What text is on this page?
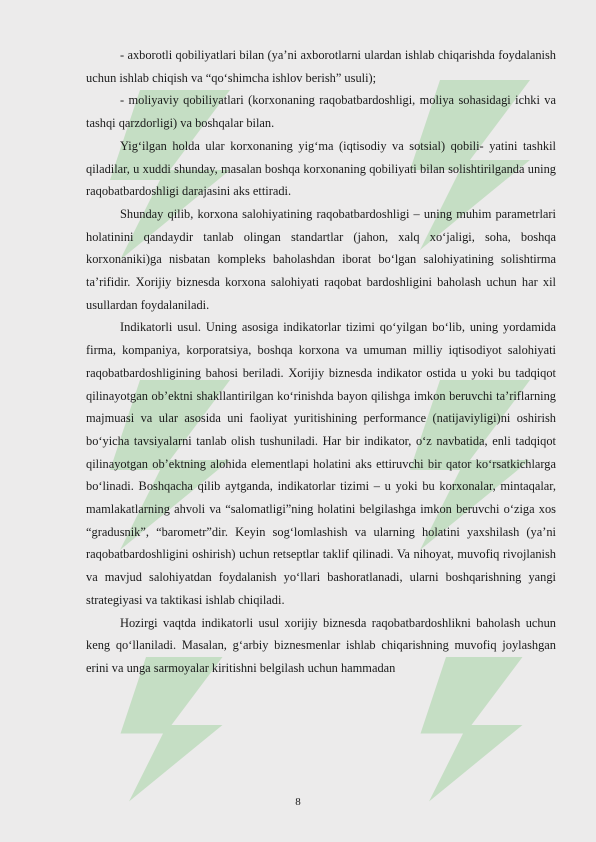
- axborotli qobiliyatlari bilan (ya’ni axborotlarni ulardan ishlab chiqarishda foydalanish uchun ishlab chiqish va “qo‘shimcha ishlov berish” usuli);

- moliyaviy qobiliyatlari (korxonaning raqobatbardoshligi, moliya sohasidagi ichki va tashqi qarzdorligi) va boshqalar bilan.

Yig‘ilgan holda ular korxonaning yig‘ma (iqtisodiy va sotsial) qobili- yatini tashkil qiladilar, u xuddi shunday, masalan boshqa korxonaning qobiliyati bilan solishtirilganda uning raqobatbardoshligi darajasini aks ettiradi.

Shunday qilib, korxona salohiyatining raqobatbardoshligi – uning muhim parametrlari holatinini qandaydir tanlab olingan standartlar (jahon, xalq xo‘jaligi, soha, boshqa korxonaniki)ga nisbatan kompleks baholashdan iborat bo‘lgan salohiyatining solishtirma ta’rifidir. Xorijiy biznesda korxona salohiyati raqobat bardoshligini baholash uchun har xil usullardan foydalaniladi.

Indikatorli usul. Uning asosiga indikatorlar tizimi qo‘yilgan bo‘lib, uning yordamida firma, kompaniya, korporatsiya, boshqa korxona va umuman milliy iqtisodiyot salohiyati raqobatbardoshligining bahosi beriladi. Xorijiy biznesda indikator ostida u yoki bu tadqiqot qilinayotgan ob’ektni shakllantirilgan ko‘rinishda bayon qilishga imkon beruvchi ta’riflarning majmuasi va ular asosida uni faoliyat yuritishining performance (natijaviyligi)ni oshirish bo‘yicha tavsiyalarni tanlab olish tushuniladi. Har bir indikator, o‘z navbatida, enli tadqiqot qilinayotgan ob’ektning alohida elementlapi holatini aks ettiruvchi bir qator ko‘rsatkichlarga bo‘linadi. Boshqacha qilib aytganda, indikatorlar tizimi – u yoki bu korxonalar, mintaqalar, mamlakatlarning ahvoli va “salomatligi”ning holatini belgilashga imkon beruvchi o‘ziga xos “gradusnik”, “barometr”dir. Keyin sog‘lomlashish va ularning holatini yaxshilash (ya’ni raqobatbardoshligini oshirish) uchun retseptlar taklif qilinadi. Va nihoyat, muvofiq rivojlanish va mavjud salohiyatdan foydalanish yo‘llari bashoratlanadi, ularni boshqarishning yangi strategiyasi va taktikasi ishlab chiqiladi.

Hozirgi vaqtda indikatorli usul xorijiy biznesda raqobatbardoshlikni baholash uchun keng qo‘llaniladi. Masalan, g‘arbiy biznesmenlar ishlab chiqarishning muvofiq joylashgan erini va unga sarmoyalar kiritishni belgilash uchun hammadan

8
